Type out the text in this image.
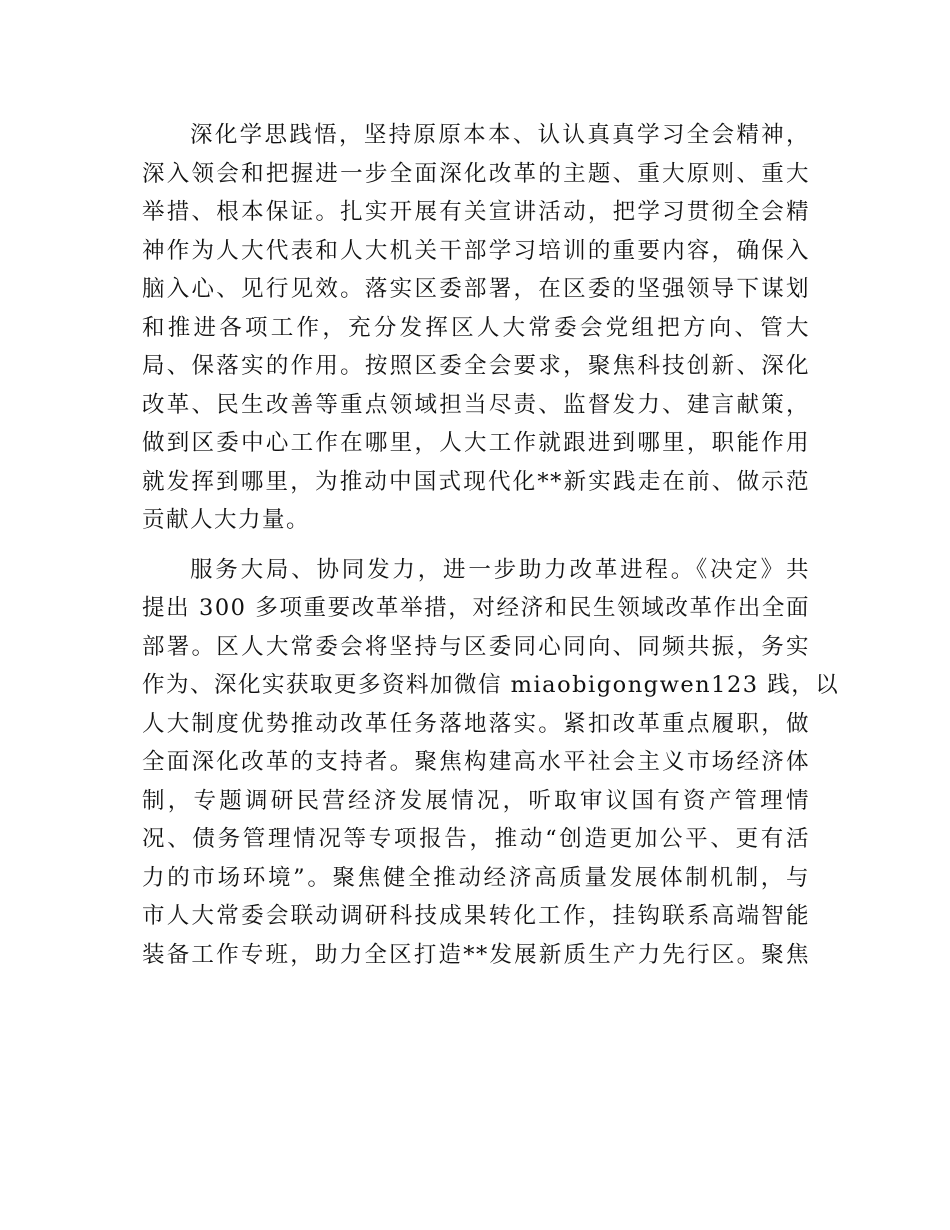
深化学思践悟，坚持原原本本、认认真真学习全会精神，
深入领会和把握进一步全面深化改革的主题、重大原则、重大
举措、根本保证。扎实开展有关宣讲活动，把学习贯彻全会精
神作为人大代表和人大机关干部学习培训的重要内容，确保入
脑入心、见行见效。落实区委部署，在区委的坚强领导下谋划
和推进各项工作，充分发挥区人大常委会党组把方向、管大
局、保落实的作用。按照区委全会要求，聚焦科技创新、深化
改革、民生改善等重点领域担当尽责、监督发力、建言献策，
做到区委中心工作在哪里，人大工作就跟进到哪里，职能作用
就发挥到哪里，为推动中国式现代化**新实践走在前、做示范
贡献人大力量。
服务大局、协同发力，进一步助力改革进程。《决定》共
提出 300 多项重要改革举措，对经济和民生领域改革作出全面
部署。区人大常委会将坚持与区委同心同向、同频共振，务实
作为、深化实获取更多资料加微信 miaobigongwen123 践，以
人大制度优势推动改革任务落地落实。紧扣改革重点履职，做
全面深化改革的支持者。聚焦构建高水平社会主义市场经济体
制，专题调研民营经济发展情况，听取审议国有资产管理情
况、债务管理情况等专项报告，推动“创造更加公平、更有活
力的市场环境”。聚焦健全推动经济高质量发展体制机制，与
市人大常委会联动调研科技成果转化工作，挂钩联系高端智能
装备工作专班，助力全区打造**发展新质生产力先行区。聚焦
